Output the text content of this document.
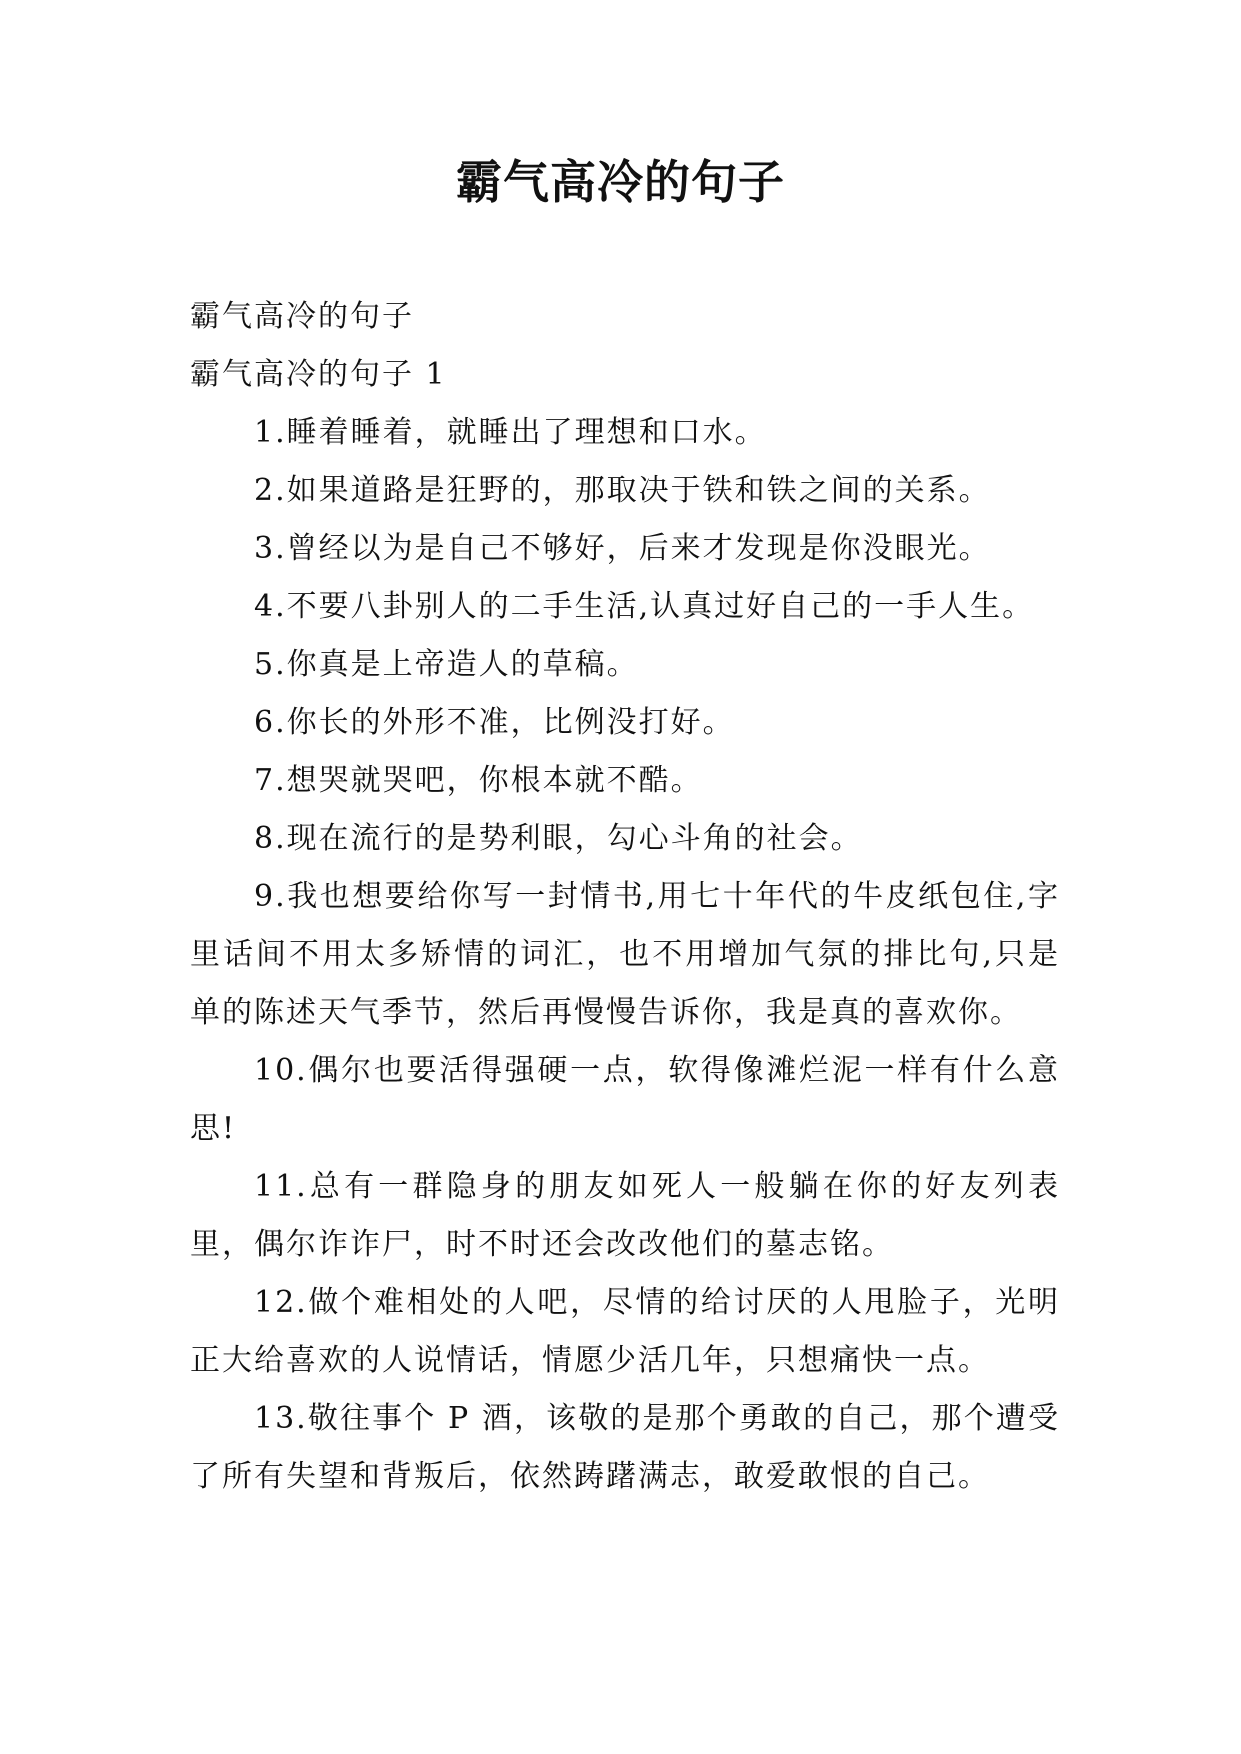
霸气高冷的句子

霸气高冷的句子

霸气高冷的句子 1

1.睡着睡着，就睡出了理想和口水。

2.如果道路是狂野的，那取决于铁和铁之间的关系。

3.曾经以为是自己不够好，后来才发现是你没眼光。

4.不要八卦别人的二手生活,认真过好自己的一手人生。

5.你真是上帝造人的草稿。

6.你长的外形不准，比例没打好。

7.想哭就哭吧，你根本就不酷。

8.现在流行的是势利眼，勾心斗角的社会。

9.我也想要给你写一封情书,用七十年代的牛皮纸包住,字里话间不用太多矫情的词汇，也不用增加气氛的排比句,只是单的陈述天气季节，然后再慢慢告诉你，我是真的喜欢你。

10.偶尔也要活得强硬一点，软得像滩烂泥一样有什么意思!

11.总有一群隐身的朋友如死人一般躺在你的好友列表里，偶尔诈诈尸，时不时还会改改他们的墓志铭。

12.做个难相处的人吧，尽情的给讨厌的人甩脸子，光明正大给喜欢的人说情话，情愿少活几年，只想痛快一点。

13.敬往事个 P 酒，该敬的是那个勇敢的自己，那个遭受了所有失望和背叛后，依然踌躇满志，敢爱敢恨的自己。
